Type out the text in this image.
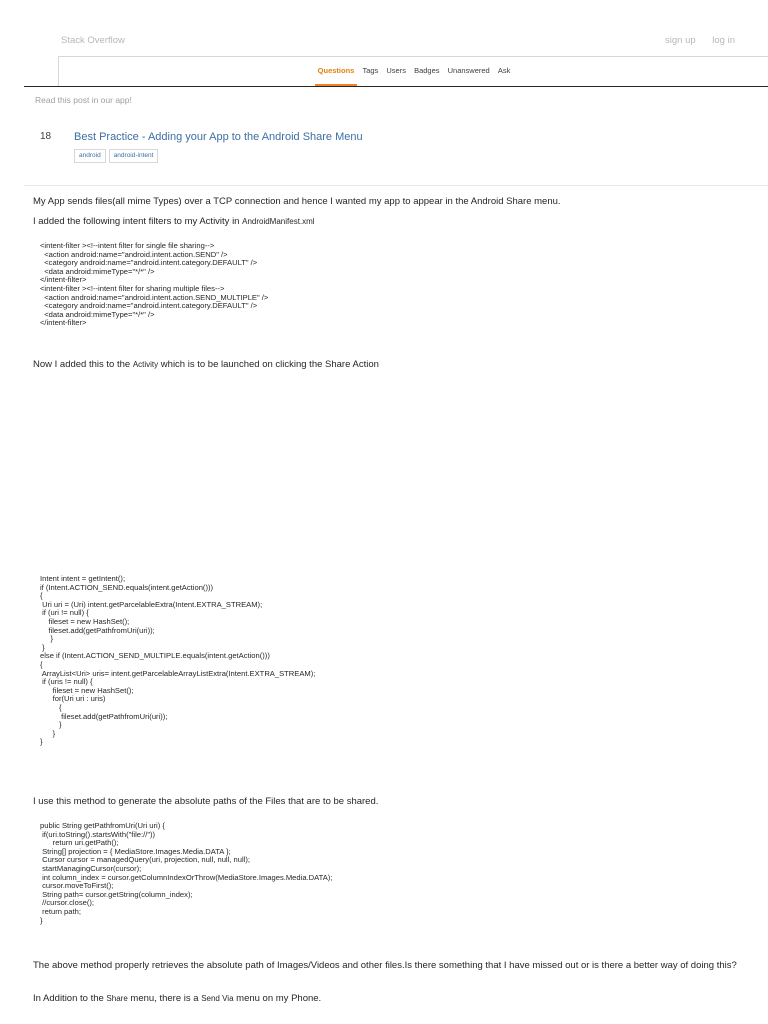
Stack Overflow	sign up log in
Questions Tags Users Badges Unanswered Ask
Read this post in our app!
18 Best Practice - Adding your App to the Android Share Menu
android android-intent
My App sends files(all mime Types) over a TCP connection and hence I wanted my app to appear in the Android Share menu.
I added the following intent filters to my Activity in AndroidManifest.xml
<intent-filter ><!--intent filter for single file sharing-->
<action android:name="android.intent.action.SEND" />
<category android:name="android.intent.category.DEFAULT" />
<data android:mimeType="*/*" />
</intent-filter>
<intent-filter ><!--intent filter for sharing multiple files-->
<action android:name="android.intent.action.SEND_MULTIPLE" />
<category android:name="android.intent.category.DEFAULT" />
<data android:mimeType="*/*" />
</intent-filter>
Now I added this to the Activity which is to be launched on clicking the Share Action
Intent intent = getIntent();
if (Intent.ACTION_SEND.equals(intent.getAction()))
{
Uri uri = (Uri) intent.getParcelableExtra(Intent.EXTRA_STREAM);
if (uri != null) {
fileset = new HashSet();
fileset.add(getPathfromUri(uri));
}
}
else if (Intent.ACTION_SEND_MULTIPLE.equals(intent.getAction()))
{
ArrayList<Uri> uris= intent.getParcelableArrayListExtra(Intent.EXTRA_STREAM);
if (uris != null) {
fileset = new HashSet();
for(Uri uri : uris)
{
fileset.add(getPathfromUri(uri));
}
}
}
I use this method to generate the absolute paths of the Files that are to be shared.
public String getPathfromUri(Uri uri) {
if(uri.toString().startsWith("file://"))
return uri.getPath();
String[] projection = { MediaStore.Images.Media.DATA };
Cursor cursor = managedQuery(uri, projection, null, null, null);
startManagingCursor(cursor);
int column_index = cursor.getColumnIndexOrThrow(MediaStore.Images.Media.DATA);
cursor.moveToFirst();
String path= cursor.getString(column_index);
//cursor.close();
return path;
}
The above method properly retrieves the absolute path of Images/Videos and other files.Is there something that I have missed out or is there a better way of doing this?
In Addition to the Share menu, there is a Send Via menu on my Phone.
